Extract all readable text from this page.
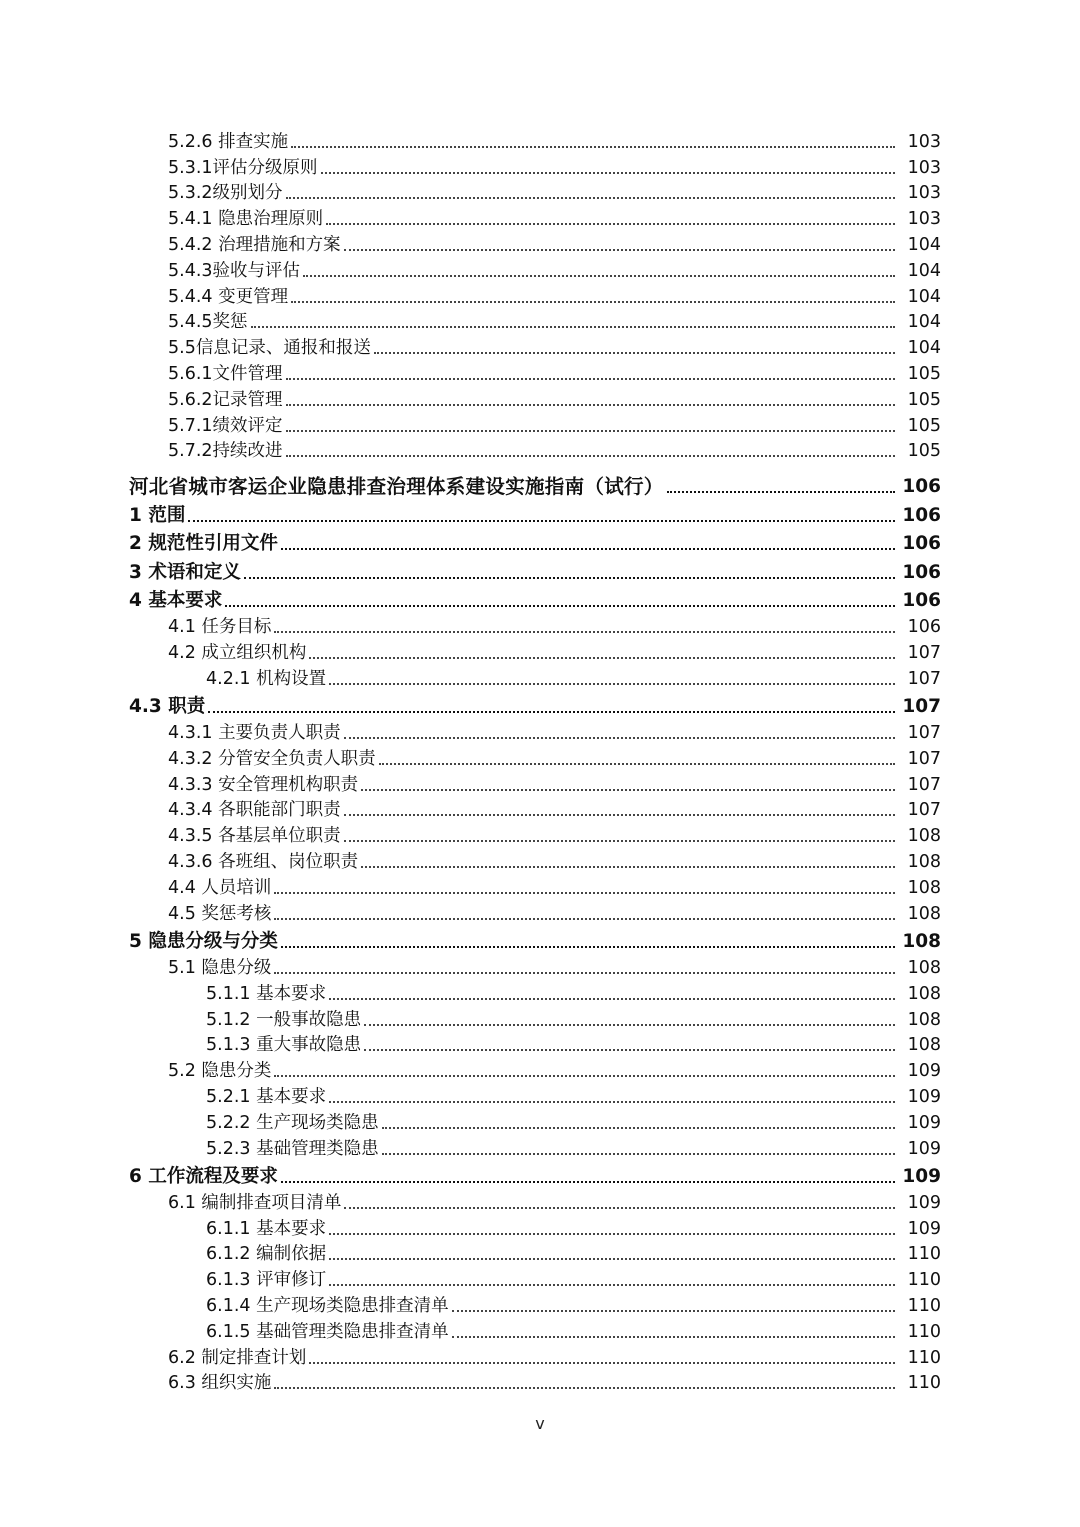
5.2.6 排查实施	103
5.3.1评估分级原则	103
5.3.2级别划分	103
5.4.1 隐患治理原则	103
5.4.2 治理措施和方案	104
5.4.3验收与评估	104
5.4.4 变更管理	104
5.4.5奖惩	104
5.5信息记录、通报和报送	104
5.6.1文件管理	105
5.6.2记录管理	105
5.7.1绩效评定	105
5.7.2持续改进	105
河北省城市客运企业隐患排查治理体系建设实施指南（试行）	106
1 范围	106
2 规范性引用文件	106
3 术语和定义	106
4 基本要求	106
4.1 任务目标	106
4.2 成立组织机构	107
4.2.1 机构设置	107
4.3 职责	107
4.3.1 主要负责人职责	107
4.3.2 分管安全负责人职责	107
4.3.3 安全管理机构职责	107
4.3.4 各职能部门职责	107
4.3.5 各基层单位职责	108
4.3.6 各班组、岗位职责	108
4.4 人员培训	108
4.5 奖惩考核	108
5 隐患分级与分类	108
5.1 隐患分级	108
5.1.1 基本要求	108
5.1.2 一般事故隐患	108
5.1.3 重大事故隐患	108
5.2 隐患分类	109
5.2.1 基本要求	109
5.2.2 生产现场类隐患	109
5.2.3 基础管理类隐患	109
6 工作流程及要求	109
6.1 编制排查项目清单	109
6.1.1 基本要求	109
6.1.2 编制依据	110
6.1.3 评审修订	110
6.1.4 生产现场类隐患排查清单	110
6.1.5 基础管理类隐患排查清单	110
6.2 制定排查计划	110
6.3 组织实施	110
v
